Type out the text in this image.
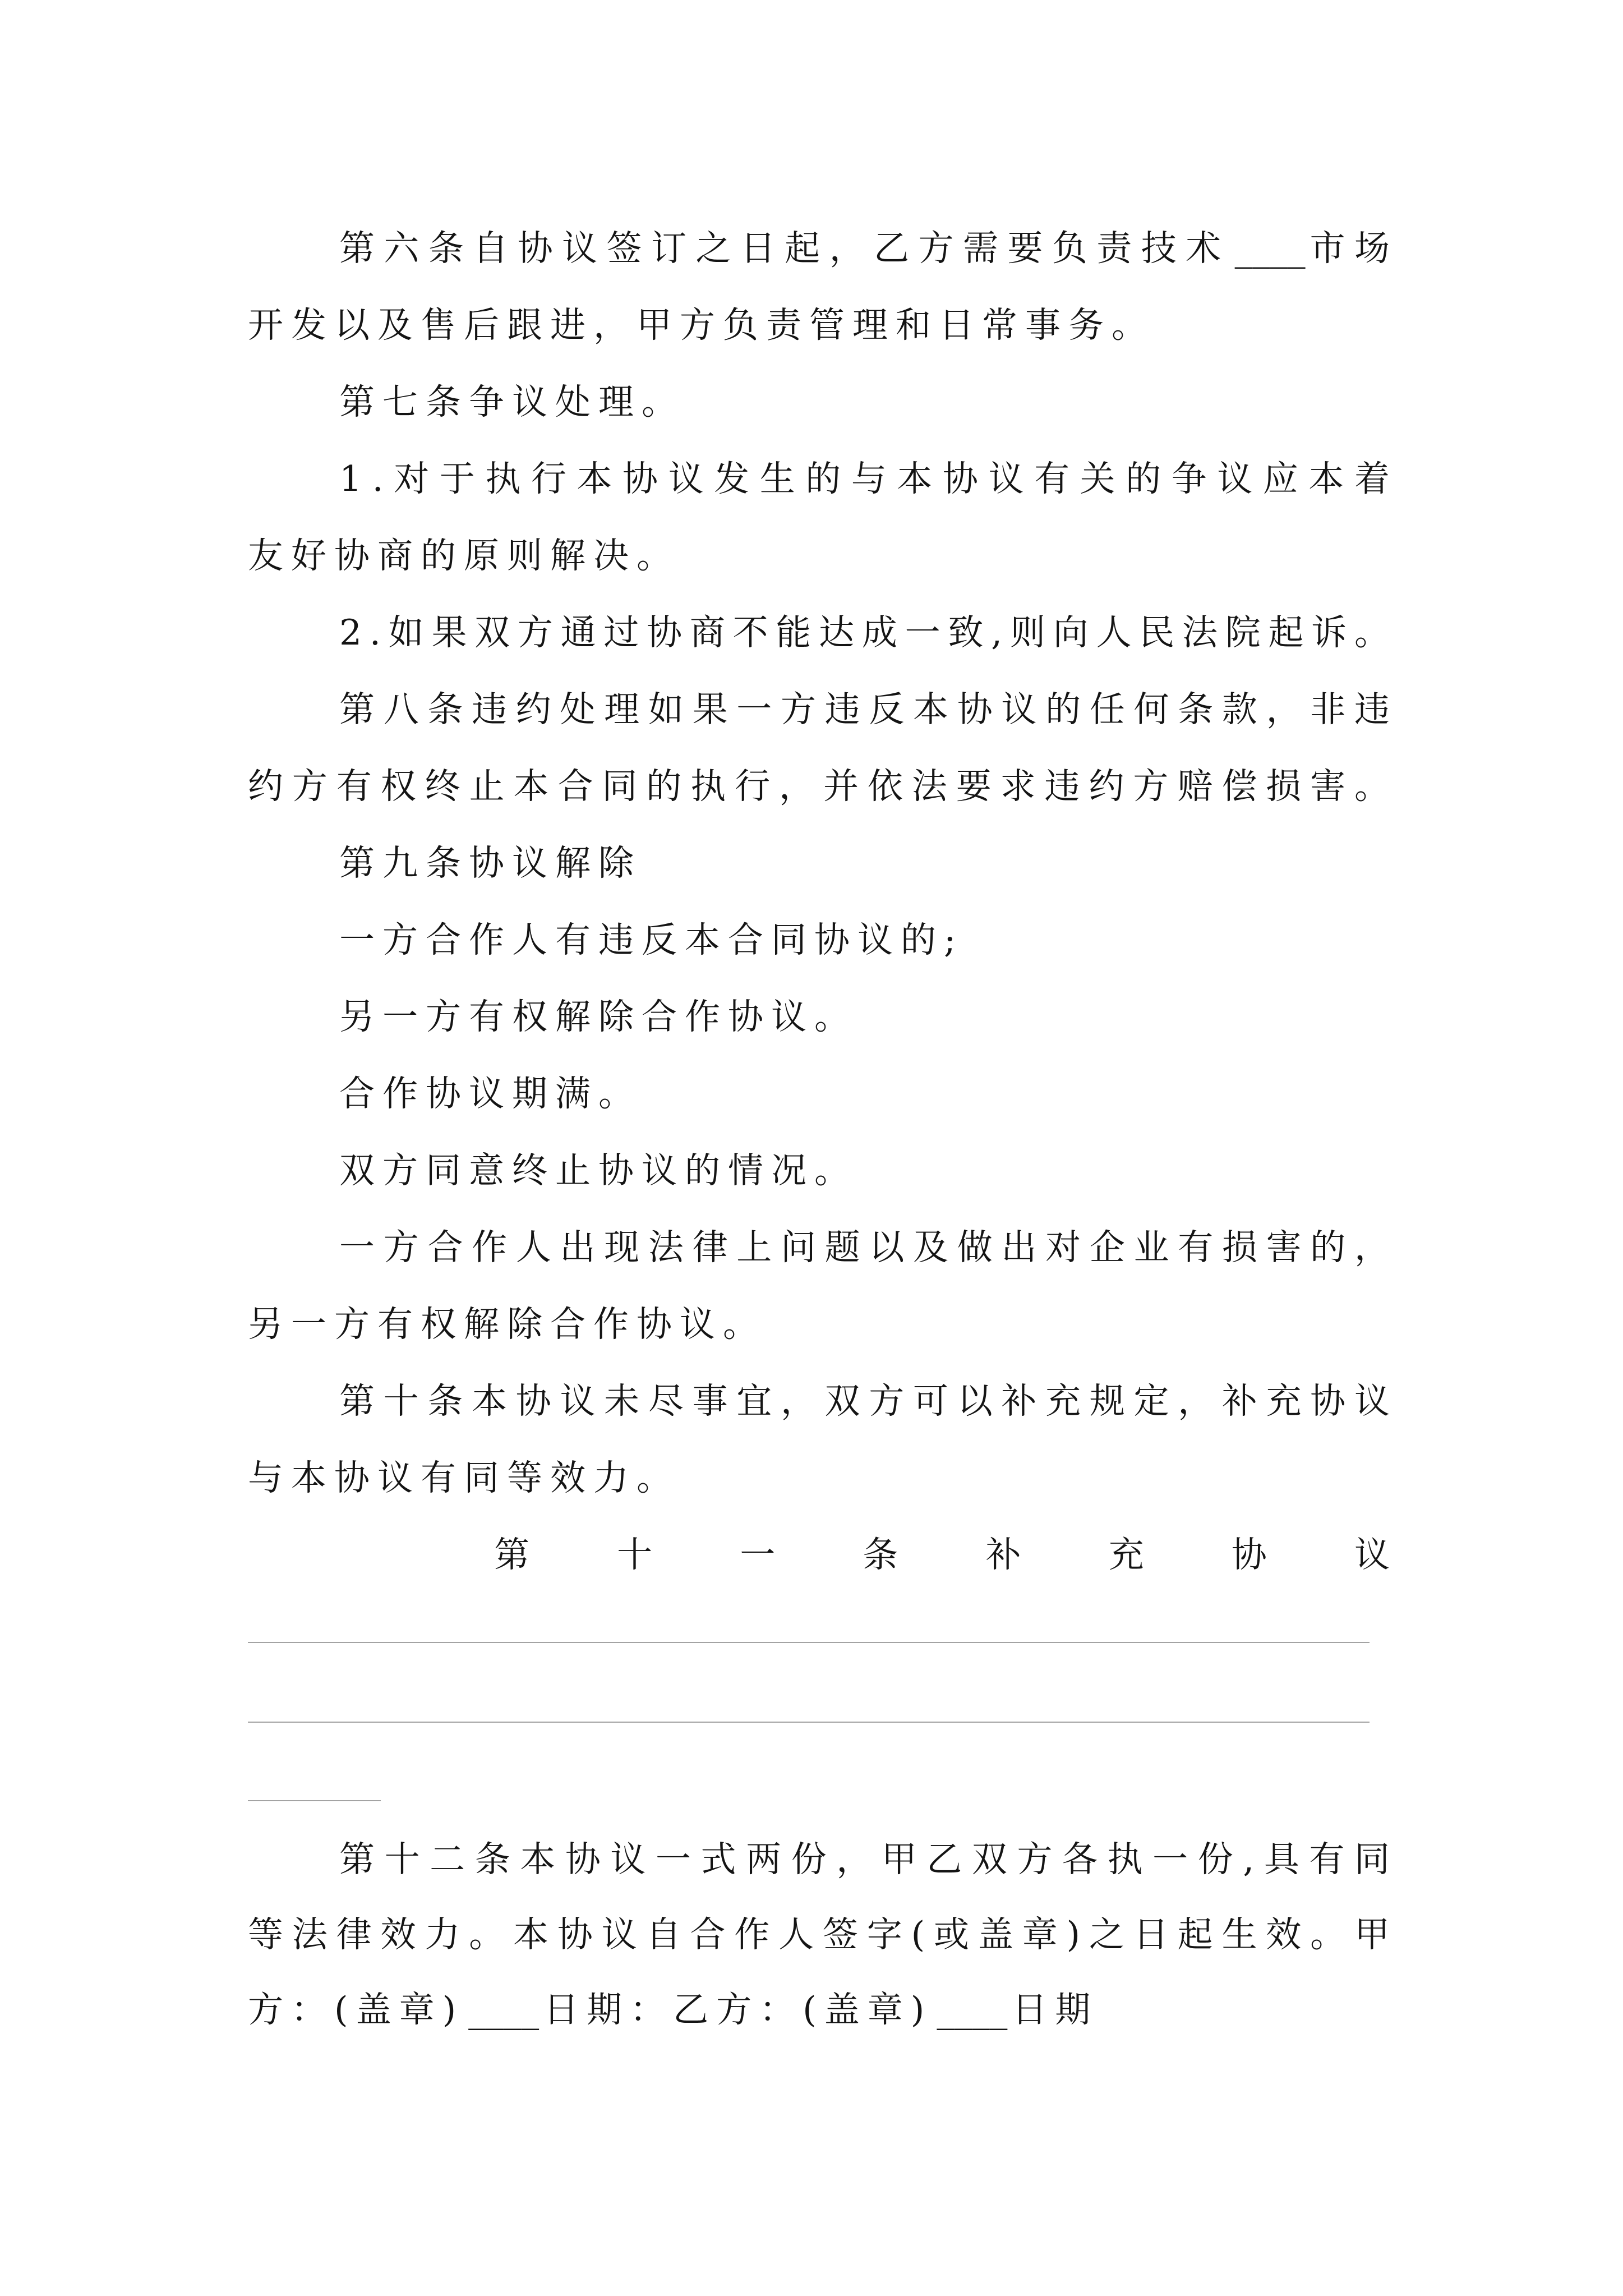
第六条自协议签订之日起，乙方需要负责技术 ____ 市场
开发以及售后跟进，甲方负责管理和日常事务。
第七条争议处理。
1.对于执行本协议发生的与本协议有关的争议应本着
友好协商的原则解决。
2.如果双方通过协商不能达成一致,则向人民法院起诉。
第八条违约处理如果一方违反本协议的任何条款，非违
约方有权终止本合同的执行，并依法要求违约方赔偿损害。
第九条协议解除
一方合作人有违反本合同协议的;
另一方有权解除合作协议。
合作协议期满。
双方同意终止协议的情况。
一方合作人出现法律上问题以及做出对企业有损害的，
另一方有权解除合作协议。
第十条本协议未尽事宜，双方可以补充规定，补充协议
与本协议有同等效力。
第十一条补充协议
第十二条本协议一式两份，甲乙双方各执一份,具有同
等法律效力。本协议自合作人签字(或盖章)之日起生效。甲
方：(盖章) ____ 日期：乙方：(盖章) ____ 日期
